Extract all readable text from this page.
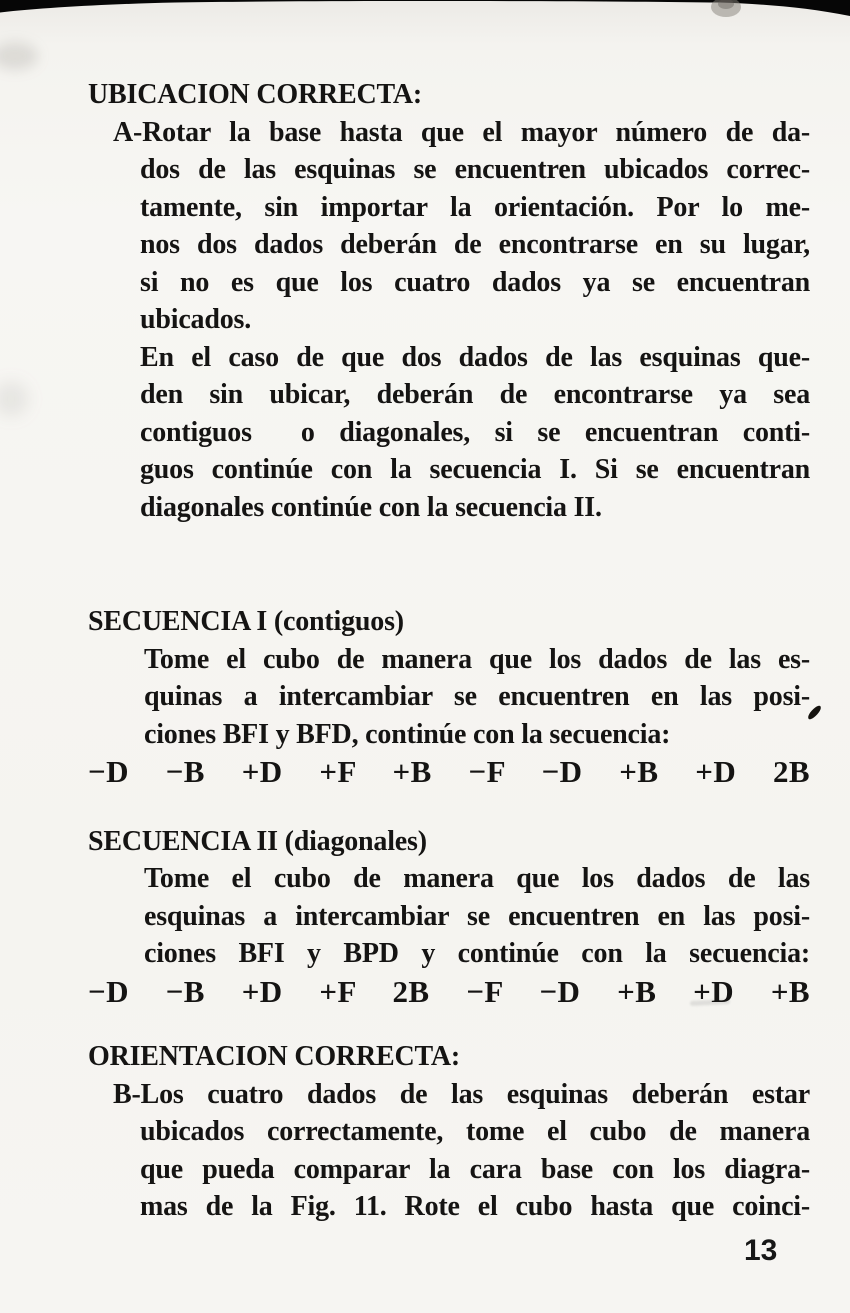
UBICACION CORRECTA:
A-Rotar la base hasta que el mayor número de da-
dos de las esquinas se encuentren ubicados correc-
tamente, sin importar la orientación. Por lo me-
nos dos dados deberán de encontrarse en su lugar,
si no es que los cuatro dados ya se encuentran
ubicados.
En el caso de que dos dados de las esquinas que-
den sin ubicar, deberán de encontrarse ya sea
contiguos  o diagonales, si se encuentran conti-
guos continúe con la secuencia I. Si se encuentran
diagonales continúe con la secuencia II.
SECUENCIA I (contiguos)
Tome el cubo de manera que los dados de las es-
quinas a intercambiar se encuentren en las posi-
ciones BFI y BFD, continúe con la secuencia:
−D −B +D +F +B −F −D +B +D 2B
SECUENCIA II (diagonales)
Tome el cubo de manera que los dados de las
esquinas a intercambiar se encuentren en las posi-
ciones BFI y BPD y continúe con la secuencia:
−D −B +D +F 2B −F −D +B +D +B
ORIENTACION CORRECTA:
B-Los cuatro dados de las esquinas deberán estar
ubicados correctamente, tome el cubo de manera
que pueda comparar la cara base con los diagra-
mas de la Fig. 11. Rote el cubo hasta que coinci-
13
